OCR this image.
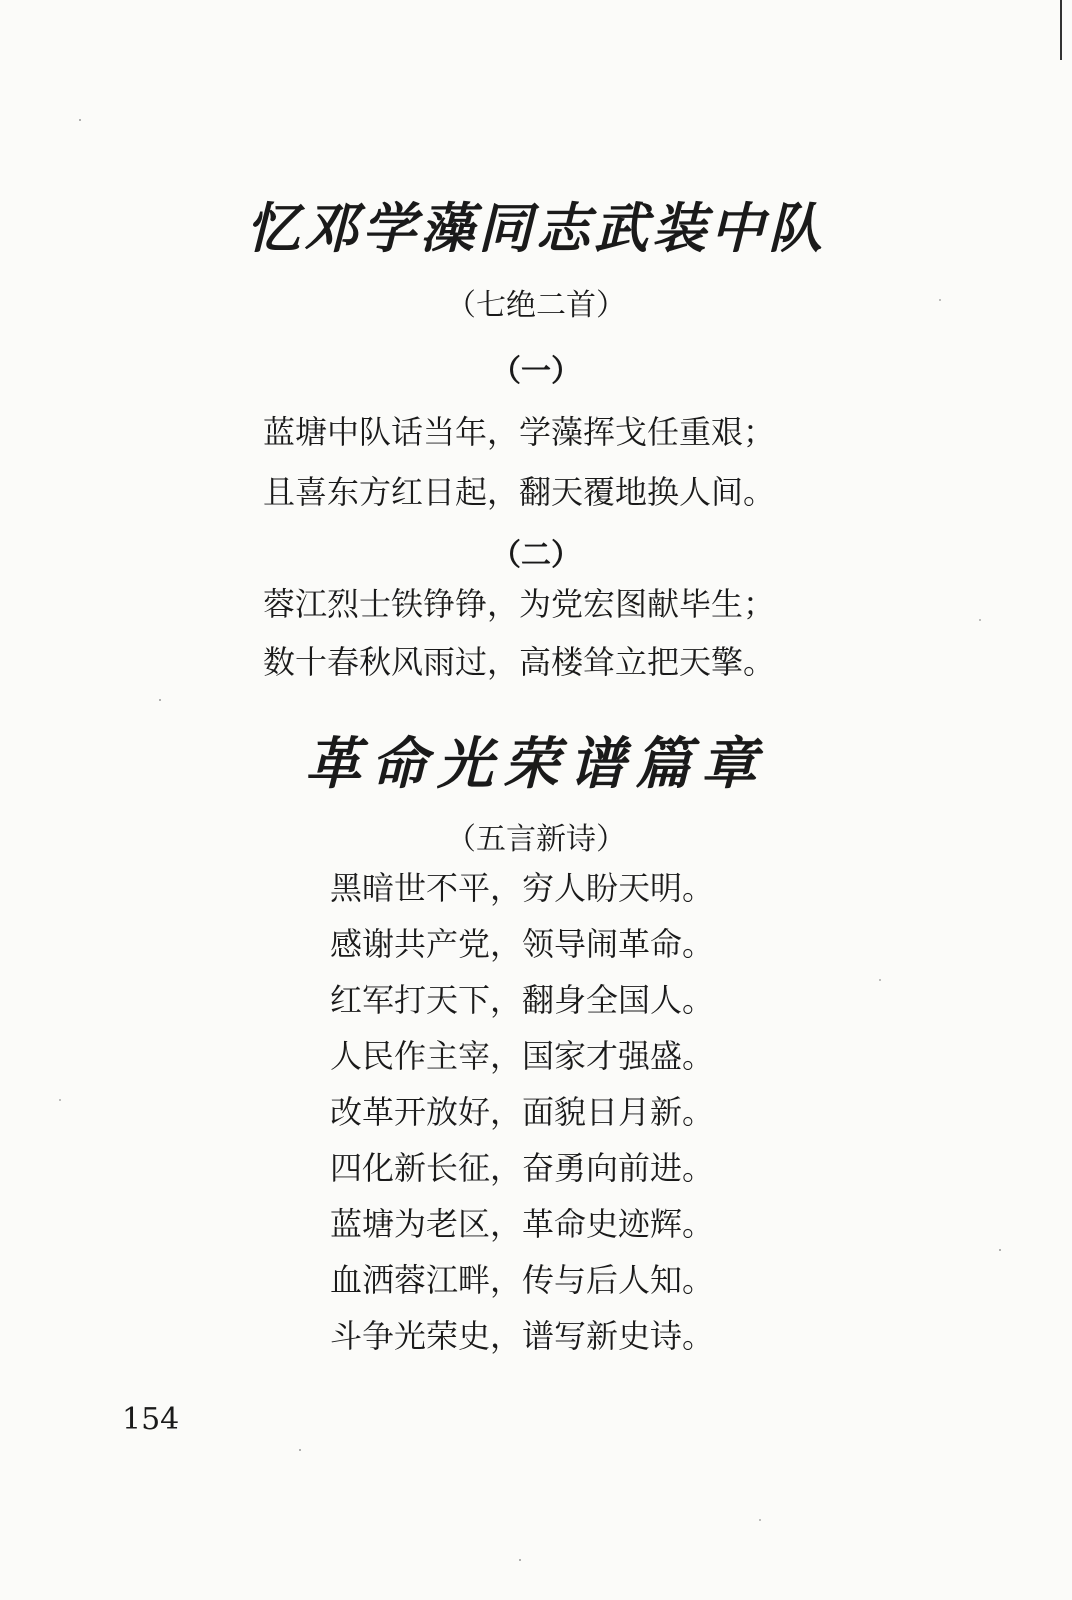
忆邓学藻同志武装中队

（七绝二首）

（一）

蓝塘中队话当年，学藻挥戈任重艰；

且喜东方红日起，翻天覆地换人间。

（二）

蓉江烈士铁铮铮，为党宏图献毕生；

数十春秋风雨过，高楼耸立把天擎。

革命光荣谱篇章

（五言新诗）

黑暗世不平，穷人盼天明。

感谢共产党，领导闹革命。

红军打天下，翻身全国人。

人民作主宰，国家才强盛。

改革开放好，面貌日月新。

四化新长征，奋勇向前进。

蓝塘为老区，革命史迹辉。

血洒蓉江畔，传与后人知。

斗争光荣史，谱写新史诗。

154
